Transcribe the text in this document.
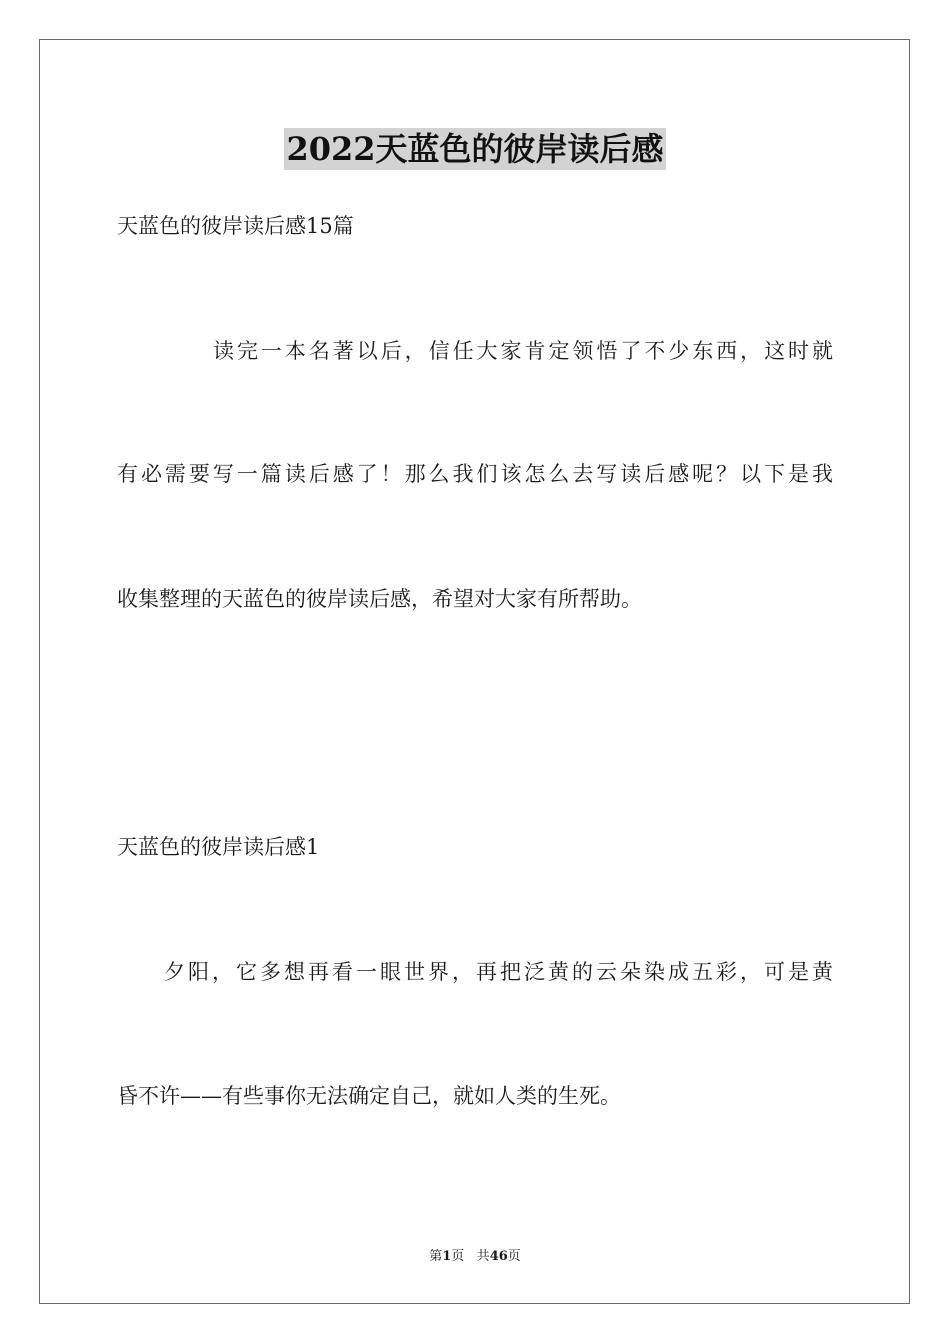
2022天蓝色的彼岸读后感
天蓝色的彼岸读后感15篇
读完一本名著以后，信任大家肯定领悟了不少东西，这时就
有必需要写一篇读后感了！那么我们该怎么去写读后感呢？以下是我
收集整理的天蓝色的彼岸读后感，希望对大家有所帮助。
天蓝色的彼岸读后感1
夕阳，它多想再看一眼世界，再把泛黄的云朵染成五彩，可是黄
昏不许——有些事你无法确定自己，就如人类的生死。
第1页 共46页
